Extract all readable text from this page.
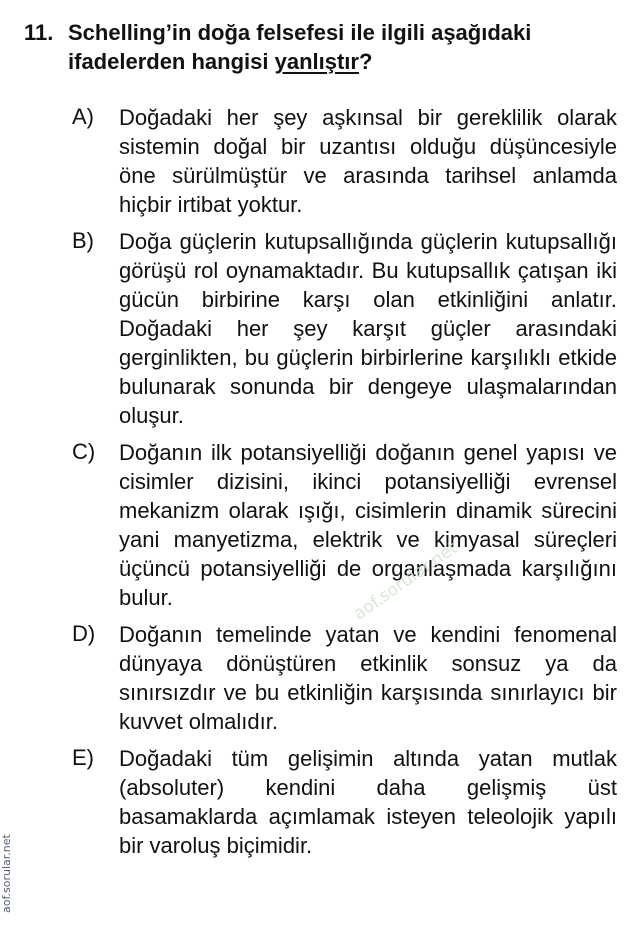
11. Schelling’in doğa felsefesi ile ilgili aşağıdaki ifadelerden hangisi yanlıştır?
A)	Doğadaki her şey aşkınsal bir gereklilik olarak sistemin doğal bir uzantısı olduğu düşüncesiyle öne sürülmüştür ve arasında tarihsel anlamda hiçbir irtibat yoktur.
B)	Doğa güçlerin kutupsallığında güçlerin kutupsallığı görüşü rol oynamaktadır. Bu kutupsallık çatışan iki gücün birbirine karşı olan etkinliğini anlatır. Doğadaki her şey karşıt güçler arasındaki gerginlikten, bu güçlerin birbirlerine karşılıklı etkide bulunarak sonunda bir dengeye ulaşmalarından oluşur.
C)	Doğanın ilk potansiyelliği doğanın genel yapısı ve cisimler dizisini, ikinci potansiyelliği evrensel mekanizm olarak ışığı, cisimlerin dinamik sürecini yani manyetizma, elektrik ve kimyasal süreçleri üçüncü potansiyelliği de organlaşmada karşılığını bulur.
D)	Doğanın temelinde yatan ve kendini fenomenal dünyaya dönüştüren etkinlik sonsuz ya da sınırsızdır ve bu etkinliğin karşısında sınırlayıcı bir kuvvet olmalıdır.
E)	Doğadaki tüm gelişimin altında yatan mutlak (absoluter) kendini daha gelişmiş üst basamaklarda açımlamak isteyen teleolojik yapılı bir varoluş biçimidir.
aof.sorular.net
aof.sorular.net
